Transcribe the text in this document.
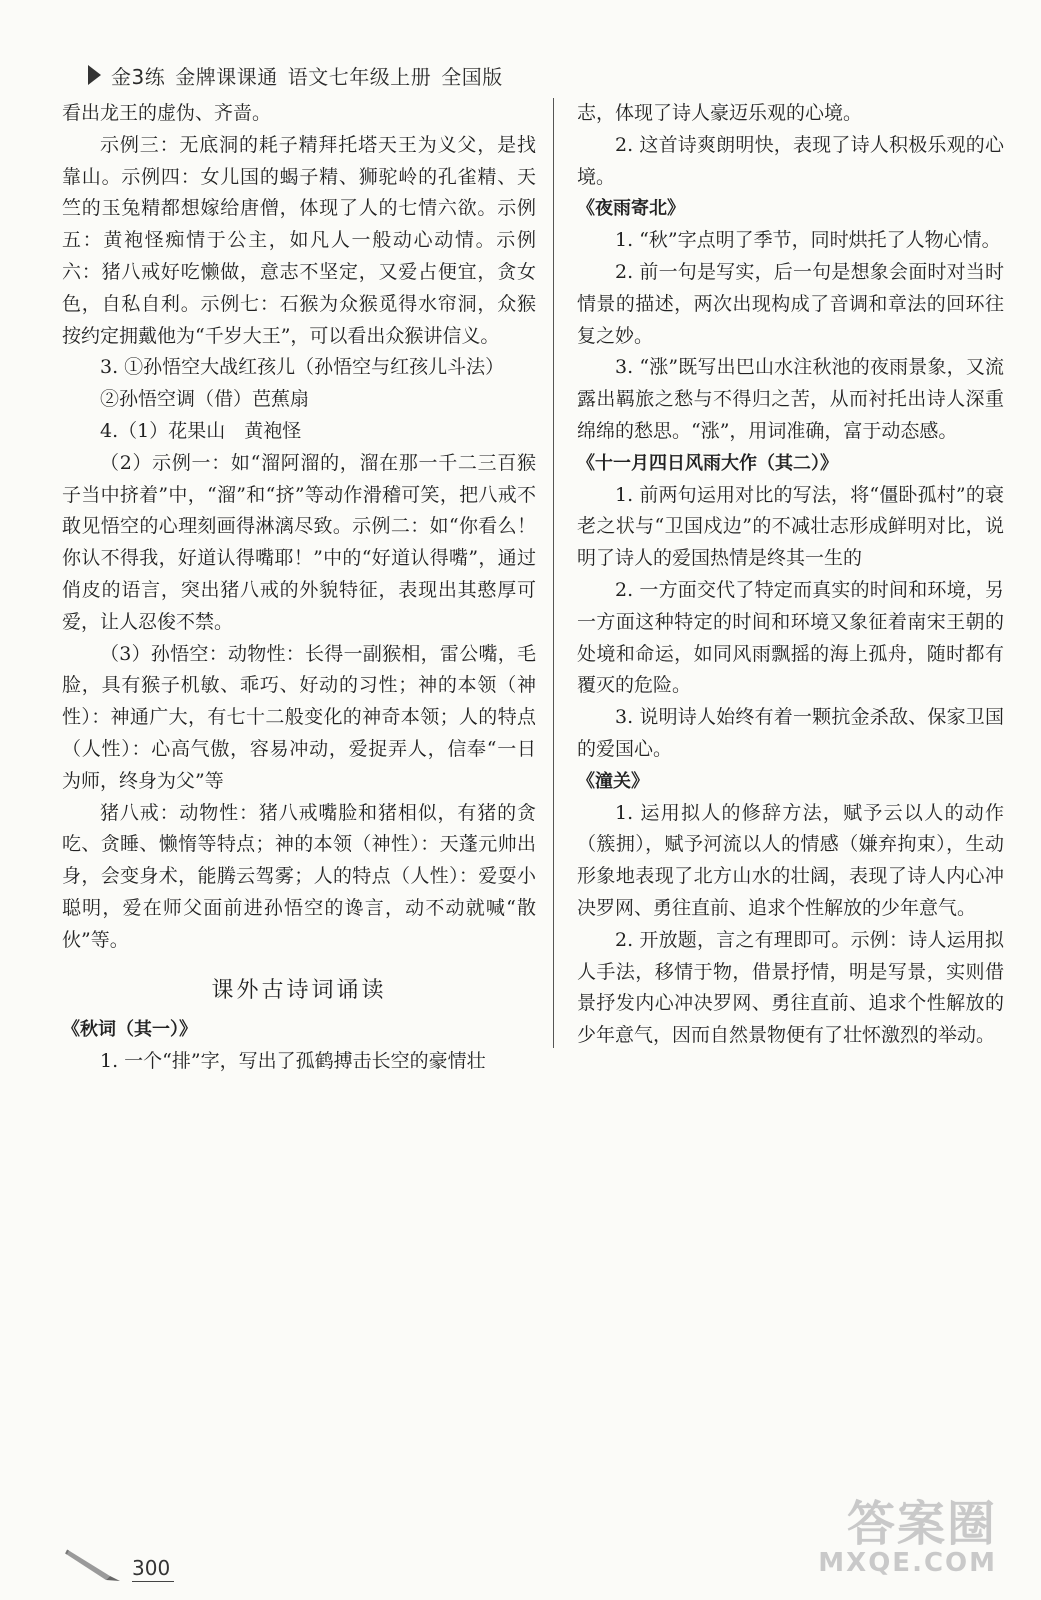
金3练 金牌课课通 语文七年级上册 全国版

看出龙王的虚伪、齐啬。

示例三：无底洞的耗子精拜托塔天王为义父，是找靠山。示例四：女儿国的蝎子精、狮驼岭的孔雀精、天竺的玉兔精都想嫁给唐僧，体现了人的七情六欲。示例五：黄袍怪痴情于公主，如凡人一般动心动情。示例六：猪八戒好吃懒做，意志不坚定，又爱占便宜，贪女色，自私自利。示例七：石猴为众猴觅得水帘洞，众猴按约定拥戴他为“千岁大王”，可以看出众猴讲信义。

3. ①孙悟空大战红孩儿（孙悟空与红孩儿斗法）

②孙悟空调（借）芭蕉扇

4.（1）花果山　黄袍怪

（2）示例一：如“溜阿溜的，溜在那一千二三百猴子当中挤着”中，“溜”和“挤”等动作滑稽可笑，把八戒不敢见悟空的心理刻画得淋漓尽致。示例二：如“你看么！你认不得我，好道认得嘴耶！”中的“好道认得嘴”，通过俏皮的语言，突出猪八戒的外貌特征，表现出其憨厚可爱，让人忍俊不禁。

（3）孙悟空：动物性：长得一副猴相，雷公嘴，毛脸，具有猴子机敏、乖巧、好动的习性；神的本领（神性）：神通广大，有七十二般变化的神奇本领；人的特点（人性）：心高气傲，容易冲动，爱捉弄人，信奉“一日为师，终身为父”等

猪八戒：动物性：猪八戒嘴脸和猪相似，有猪的贪吃、贪睡、懒惰等特点；神的本领（神性）：天蓬元帅出身，会变身术，能腾云驾雾；人的特点（人性）：爱耍小聪明，爱在师父面前进孙悟空的谗言，动不动就喊“散伙”等。

课外古诗词诵读

《秋词（其一）》

1. 一个“排”字，写出了孤鹤搏击长空的豪情壮

志，体现了诗人豪迈乐观的心境。

2. 这首诗爽朗明快，表现了诗人积极乐观的心境。

《夜雨寄北》

1. “秋”字点明了季节，同时烘托了人物心情。

2. 前一句是写实，后一句是想象会面时对当时情景的描述，两次出现构成了音调和章法的回环往复之妙。

3. “涨”既写出巴山水注秋池的夜雨景象，又流露出羁旅之愁与不得归之苦，从而衬托出诗人深重绵绵的愁思。“涨”，用词准确，富于动态感。

《十一月四日风雨大作（其二）》

1. 前两句运用对比的写法，将“僵卧孤村”的衰老之状与“卫国戍边”的不减壮志形成鲜明对比，说明了诗人的爱国热情是终其一生的

2. 一方面交代了特定而真实的时间和环境，另一方面这种特定的时间和环境又象征着南宋王朝的处境和命运，如同风雨飘摇的海上孤舟，随时都有覆灭的危险。

3. 说明诗人始终有着一颗抗金杀敌、保家卫国的爱国心。

《潼关》

1. 运用拟人的修辞方法，赋予云以人的动作（簇拥），赋予河流以人的情感（嫌弃拘束），生动形象地表现了北方山水的壮阔，表现了诗人内心冲决罗网、勇往直前、追求个性解放的少年意气。

2. 开放题，言之有理即可。示例：诗人运用拟人手法，移情于物，借景抒情，明是写景，实则借景抒发内心冲决罗网、勇往直前、追求个性解放的少年意气，因而自然景物便有了壮怀激烈的举动。

300
答案圈
MXQE.COM
